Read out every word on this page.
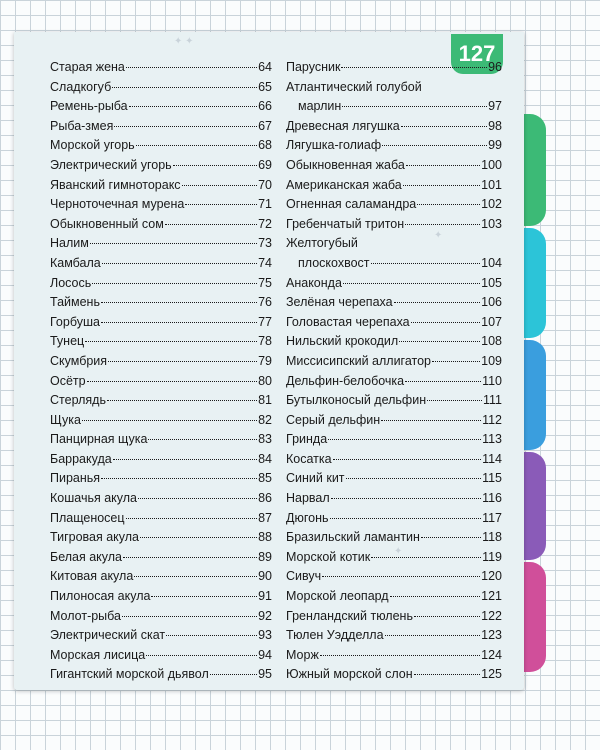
✦ ✦
✦
✦
127
Старая жена	64
Сладкогуб	65
Ремень-рыба	66
Рыба-змея	67
Морской угорь	68
Электрический угорь	69
Яванский гимноторакс	70
Черноточечная мурена	71
Обыкновенный сом	72
Налим	73
Камбала	74
Лосось	75
Таймень	76
Горбуша	77
Тунец	78
Скумбрия	79
Осётр	80
Стерлядь	81
Щука	82
Панцирная щука	83
Барракуда	84
Пиранья	85
Кошачья акула	86
Плащеносец	87
Тигровая акула	88
Белая акула	89
Китовая акула	90
Пилоносая акула	91
Молот-рыба	92
Электрический скат	93
Морская лисица	94
Гигантский морской дьявол	95
Парусник	96
Атлантический голубой
марлин	97
Древесная лягушка	98
Лягушка-голиаф	99
Обыкновенная жаба	100
Американская жаба	101
Огненная саламандра	102
Гребенчатый тритон	103
Желтогубый
плоскохвост	104
Анаконда	105
Зелёная черепаха	106
Головастая черепаха	107
Нильский крокодил	108
Миссисипский аллигатор	109
Дельфин-белобочка	110
Бутылконосый дельфин	111
Серый дельфин	112
Гринда	113
Косатка	114
Синий кит	115
Нарвал	116
Дюгонь	117
Бразильский ламантин	118
Морской котик	119
Сивуч	120
Морской леопард	121
Гренландский тюлень	122
Тюлен Уэдделла	123
Морж	124
Южный морской слон	125
